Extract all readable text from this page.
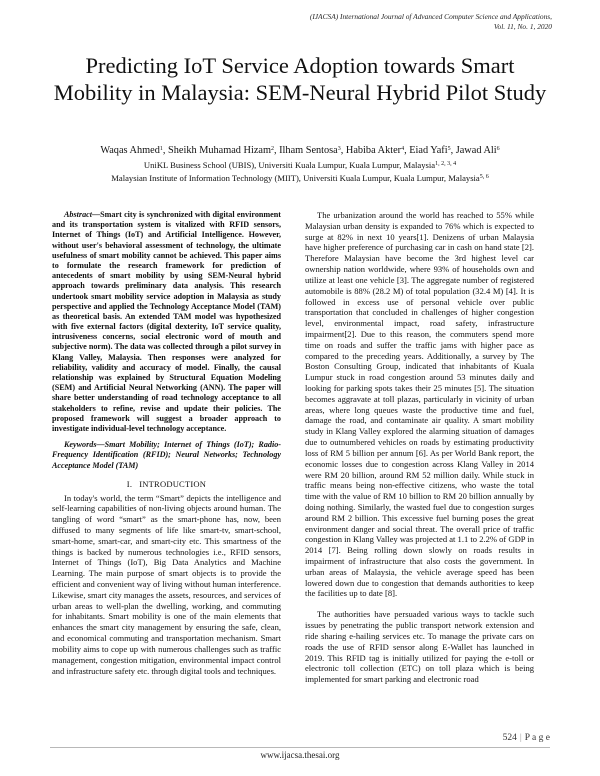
(IJACSA) International Journal of Advanced Computer Science and Applications,
Vol. 11, No. 1, 2020
Predicting IoT Service Adoption towards Smart Mobility in Malaysia: SEM-Neural Hybrid Pilot Study
Waqas Ahmed$^1$, Sheikh Muhamad Hizam$^2$, Ilham Sentosa$^3$, Habiba Akter$^4$, Eiad Yafi$^5$, Jawad Ali$^6$
UniKL Business School (UBIS), Universiti Kuala Lumpur, Kuala Lumpur, Malaysia$^{1, 2, 3, 4}$
Malaysian Institute of Information Technology (MIIT), Universiti Kuala Lumpur, Kuala Lumpur, Malaysia$^{5, 6}$

Abstract—Smart city is synchronized with digital environment and its transportation system is vitalized with RFID sensors, Internet of Things (IoT) and Artificial Intelligence. However, without user's behavioral assessment of technology, the ultimate usefulness of smart mobility cannot be achieved. This paper aims to formulate the research framework for prediction of antecedents of smart mobility by using SEM-Neural hybrid approach towards preliminary data analysis. This research undertook smart mobility service adoption in Malaysia as study perspective and applied the Technology Acceptance Model (TAM) as theoretical basis. An extended TAM model was hypothesized with five external factors (digital dexterity, IoT service quality, intrusiveness concerns, social electronic word of mouth and subjective norm). The data was collected through a pilot survey in Klang Valley, Malaysia. Then responses were analyzed for reliability, validity and accuracy of model. Finally, the causal relationship was explained by Structural Equation Modeling (SEM) and Artificial Neural Networking (ANN). The paper will share better understanding of road technology acceptance to all stakeholders to refine, revise and update their policies. The proposed framework will suggest a broader approach to investigate individual-level technology acceptance.

Keywords—Smart Mobility; Internet of Things (IoT); Radio-Frequency Identification (RFID); Neural Networks; Technology Acceptance Model (TAM)

I. INTRODUCTION

In today's world, the term “Smart” depicts the intelligence and self-learning capabilities of non-living objects around human. The tangling of word “smart” as the smart-phone has, now, been diffused to many segments of life like smart-tv, smart-school, smart-home, smart-car, and smart-city etc. This smartness of the things is backed by numerous technologies i.e., RFID sensors, Internet of Things (IoT), Big Data Analytics and Machine Learning. The main purpose of smart objects is to provide the efficient and convenient way of living without human interference. Likewise, smart city manages the assets, resources, and services of urban areas to well-plan the dwelling, working, and commuting for inhabitants. Smart mobility is one of the main elements that enhances the smart city management by ensuring the safe, clean, and economical commuting and transportation mechanism. Smart mobility aims to cope up with numerous challenges such as traffic management, congestion mitigation, environmental impact control and infrastructure safety etc. through digital tools and techniques.

The urbanization around the world has reached to 55% while Malaysian urban density is expanded to 76% which is expected to surge at 82% in next 10 years[1]. Denizens of urban Malaysia have higher preference of purchasing car in cash on hand state [2]. Therefore Malaysian have become the 3rd highest level car ownership nation worldwide, where 93% of households own and utilize at least one vehicle [3]. The aggregate number of registered automobile is 88% (28.2 M) of total population (32.4 M) [4]. It is followed in excess use of personal vehicle over public transportation that concluded in challenges of higher congestion level, environmental impact, road safety, infrastructure impairment[2]. Due to this reason, the commuters spend more time on roads and suffer the traffic jams with higher pace as compared to the preceding years. Additionally, a survey by The Boston Consulting Group, indicated that inhabitants of Kuala Lumpur stuck in road congestion around 53 minutes daily and looking for parking spots takes their 25 minutes [5]. The situation becomes aggravate at toll plazas, particularly in vicinity of urban areas, where long queues waste the productive time and fuel, damage the road, and contaminate air quality. A smart mobility study in Klang Valley explored the alarming situation of damages due to outnumbered vehicles on roads by estimating productivity loss of RM 5 billion per annum [6]. As per World Bank report, the economic losses due to congestion across Klang Valley in 2014 were RM 20 billion, around RM 52 million daily. While stuck in traffic means being non-effective citizens, who waste the total time with the value of RM 10 billion to RM 20 billion annually by doing nothing. Similarly, the wasted fuel due to congestion surges around RM 2 billion. This excessive fuel burning poses the great environment danger and social threat. The overall price of traffic congestion in Klang Valley was projected at 1.1 to 2.2% of GDP in 2014 [7]. Being rolling down slowly on roads results in impairment of infrastructure that also costs the government. In urban areas of Malaysia, the vehicle average speed has been lowered down due to congestion that demands authorities to keep the facilities up to date [8].

The authorities have persuaded various ways to tackle such issues by penetrating the public transport network extension and ride sharing e-hailing services etc. To manage the private cars on roads the use of RFID sensor along E-Wallet has launched in 2019. This RFID tag is initially utilized for paying the e-toll or electronic toll collection (ETC) on toll plaza which is being implemented for smart parking and electronic road

524 | P a g e
www.ijacsa.thesai.org
